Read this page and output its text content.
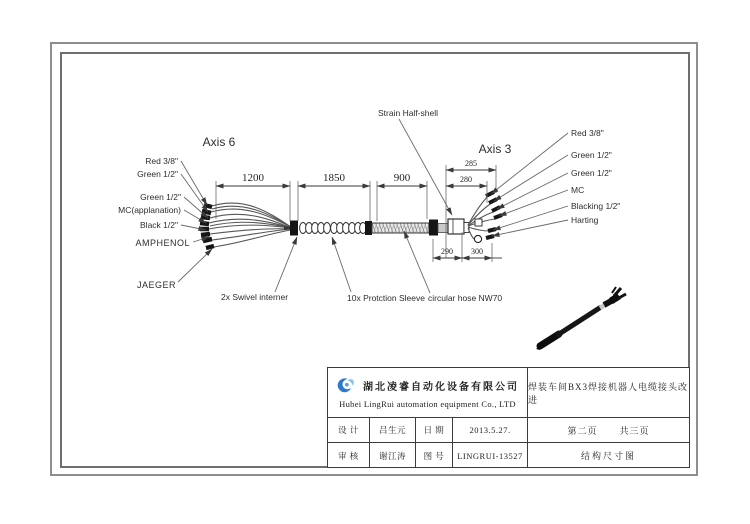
1200	1850	900
285
280
290 300
Axis 6	Axis 3
Strain Half-shell
Red 3/8"
Green 1/2"
Green 1/2"
MC(applanation)
Black 1/2"
AMPHENOL
JAEGER
Red 3/8"
Green 1/2"
Green 1/2"
MC
Blacking 1/2"
Harting
2x Swivel interner	10x Protction Sleeve circular hose NW70
湖北凌睿自动化设备有限公司
Hubei LingRui automation equipment Co., LTD
焊装车间BX3焊接机器人电缆接头改进
设 计	吕生元	日 期	2013.5.27.	第二页 共三页
审 核	谢江涛	图 号	LINGRUI-13527	结构尺寸图
